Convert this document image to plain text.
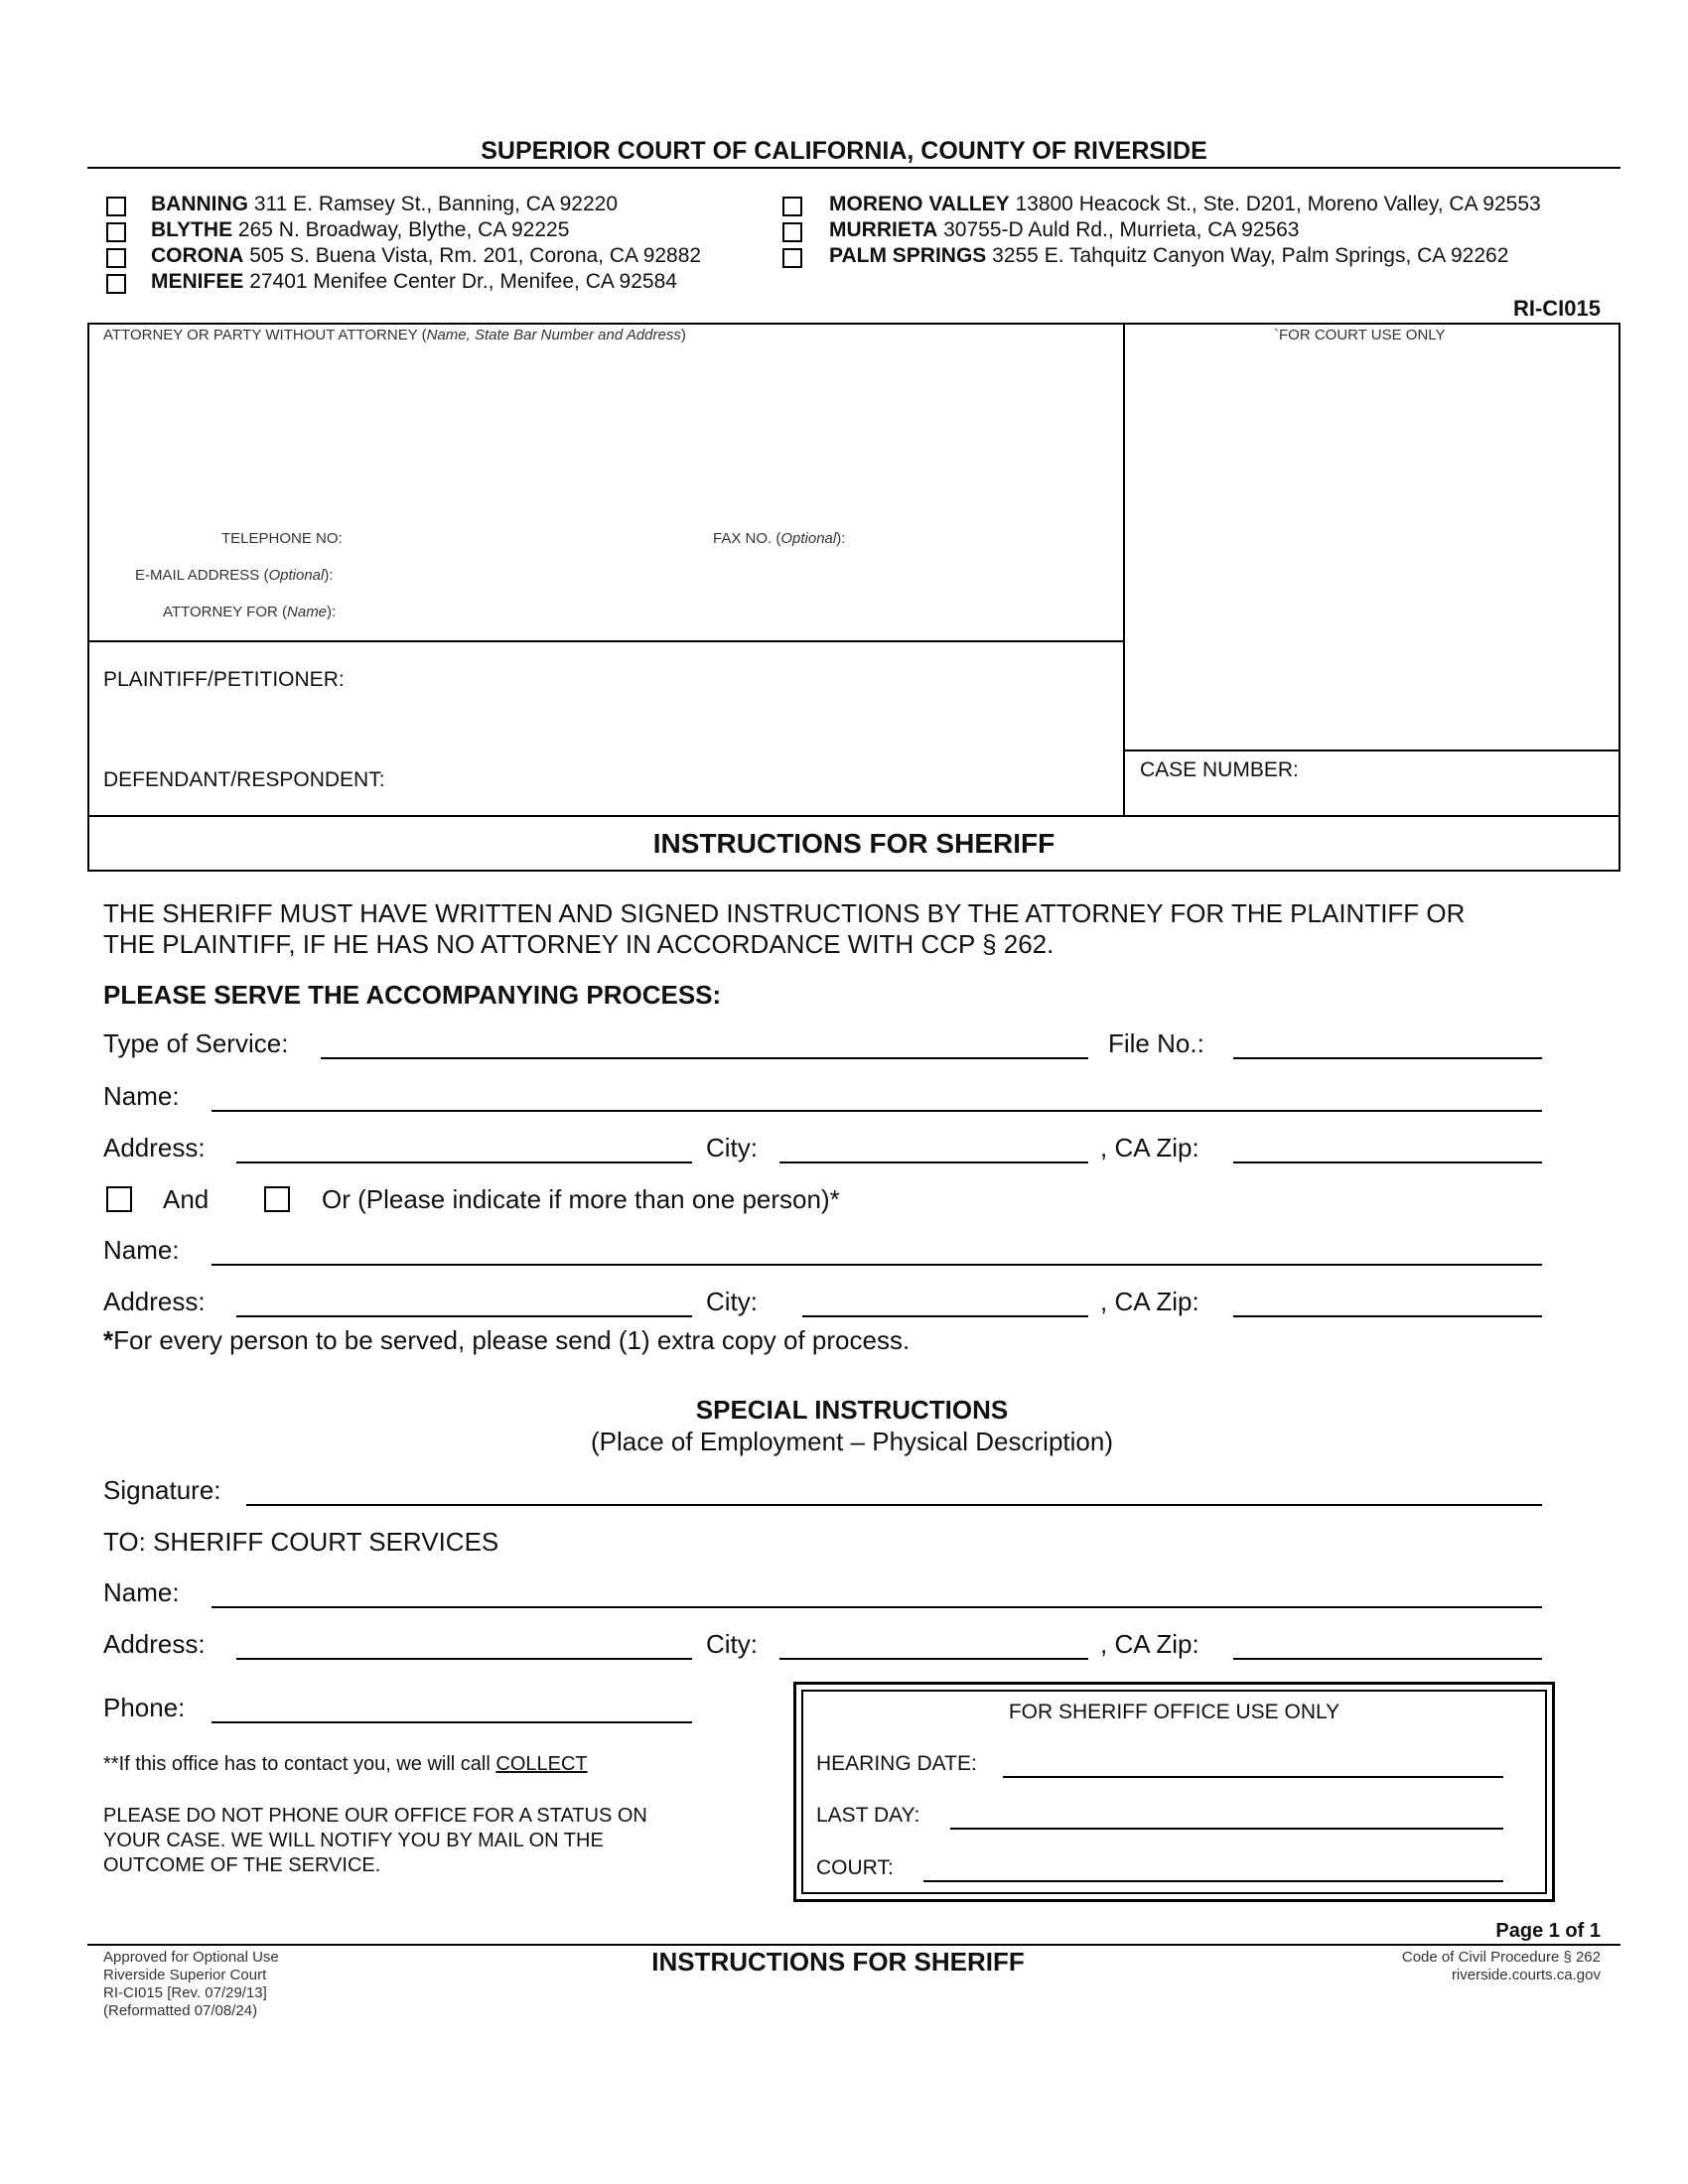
SUPERIOR COURT OF CALIFORNIA, COUNTY OF RIVERSIDE
BANNING 311 E. Ramsey St., Banning, CA 92220
BLYTHE 265 N. Broadway, Blythe, CA 92225
CORONA 505 S. Buena Vista, Rm. 201, Corona, CA 92882
MENIFEE 27401 Menifee Center Dr., Menifee, CA 92584
MORENO VALLEY 13800 Heacock St., Ste. D201, Moreno Valley, CA 92553
MURRIETA 30755-D Auld Rd., Murrieta, CA 92563
PALM SPRINGS 3255 E. Tahquitz Canyon Way, Palm Springs, CA 92262
RI-CI015
ATTORNEY OR PARTY WITHOUT ATTORNEY (Name, State Bar Number and Address)	`FOR COURT USE ONLY
TELEPHONE NO:	FAX NO. (Optional):
E-MAIL ADDRESS (Optional):
ATTORNEY FOR (Name):
PLAINTIFF/PETITIONER:
DEFENDANT/RESPONDENT:	CASE NUMBER:
INSTRUCTIONS FOR SHERIFF
THE SHERIFF MUST HAVE WRITTEN AND SIGNED INSTRUCTIONS BY THE ATTORNEY FOR THE PLAINTIFF OR
THE PLAINTIFF, IF HE HAS NO ATTORNEY IN ACCORDANCE WITH CCP § 262.
PLEASE SERVE THE ACCOMPANYING PROCESS:
Type of Service:	File No.:
Name:
Address:	City:	, CA Zip:
And	Or (Please indicate if more than one person)*
Name:
Address:	City:	, CA Zip:
*For every person to be served, please send (1) extra copy of process.
SPECIAL INSTRUCTIONS
(Place of Employment – Physical Description)
Signature:
TO: SHERIFF COURT SERVICES
Name:
Address:	City:	, CA Zip:
Phone:
**If this office has to contact you, we will call COLLECT
PLEASE DO NOT PHONE OUR OFFICE FOR A STATUS ON
YOUR CASE. WE WILL NOTIFY YOU BY MAIL ON THE
OUTCOME OF THE SERVICE.
FOR SHERIFF OFFICE USE ONLY
HEARING DATE:
LAST DAY:
COURT:
Page 1 of 1
Approved for Optional Use
Riverside Superior Court
RI-CI015 [Rev. 07/29/13]
(Reformatted 07/08/24)
INSTRUCTIONS FOR SHERIFF	Code of Civil Procedure § 262
riverside.courts.ca.gov
